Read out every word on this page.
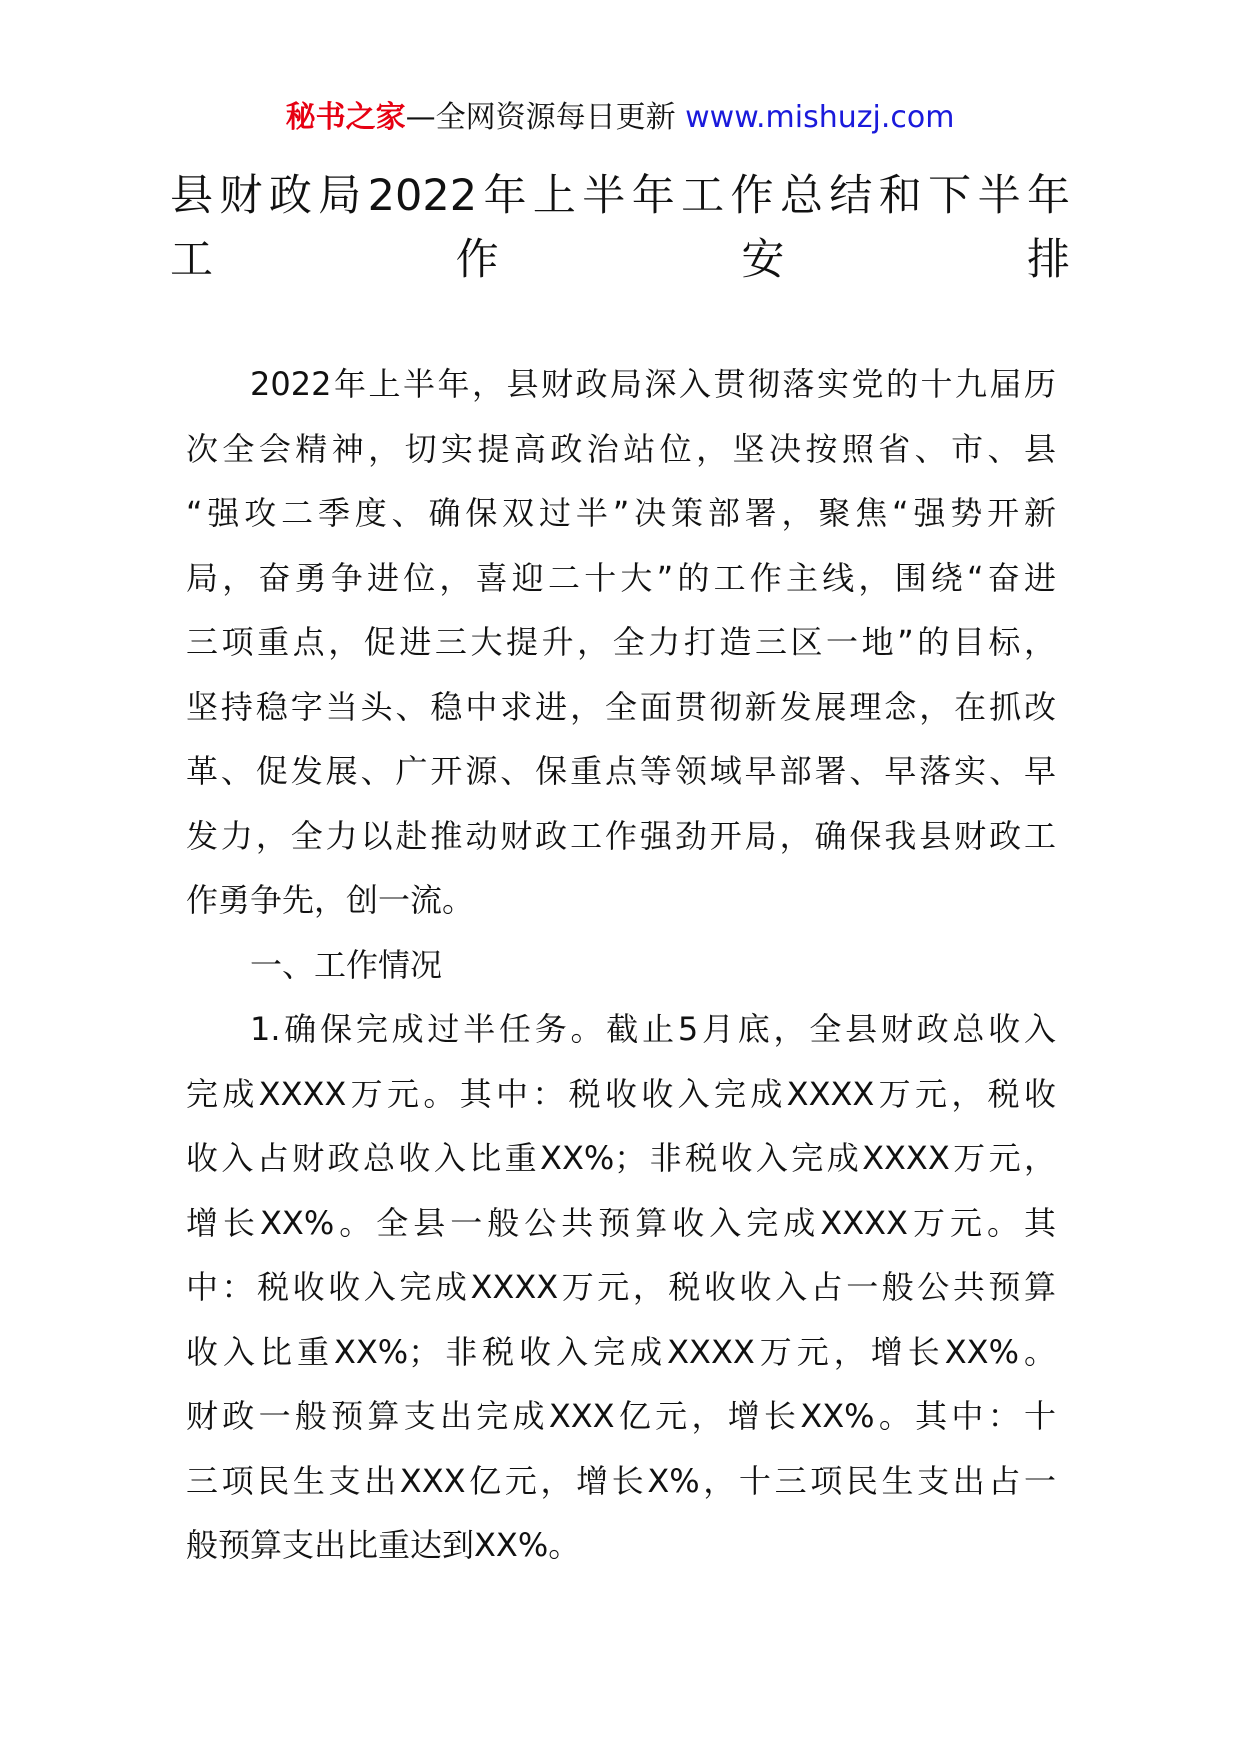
秘书之家—全网资源每日更新 www.mishuzj.com
县财政局2022年上半年工作总结和下半年
工作安排

2022年上半年，县财政局深入贯彻落实党的十九届历
次全会精神，切实提高政治站位，坚决按照省、市、县
“强攻二季度、确保双过半”决策部署，聚焦“强势开新
局，奋勇争进位，喜迎二十大”的工作主线，围绕“奋进
三项重点，促进三大提升，全力打造三区一地”的目标，
坚持稳字当头、稳中求进，全面贯彻新发展理念，在抓改
革、促发展、广开源、保重点等领域早部署、早落实、早
发力，全力以赴推动财政工作强劲开局，确保我县财政工
作勇争先，创一流。

一、工作情况

1.确保完成过半任务。截止5月底，全县财政总收入
完成XXXX万元。其中：税收收入完成XXXX万元，税收
收入占财政总收入比重XX%；非税收入完成XXXX万元，
增长XX%。全县一般公共预算收入完成XXXX万元。其
中：税收收入完成XXXX万元，税收收入占一般公共预算
收入比重XX%；非税收入完成XXXX万元，增长XX%。
财政一般预算支出完成XXX亿元，增长XX%。其中：十
三项民生支出XXX亿元，增长X%，十三项民生支出占一
般预算支出比重达到XX%。
